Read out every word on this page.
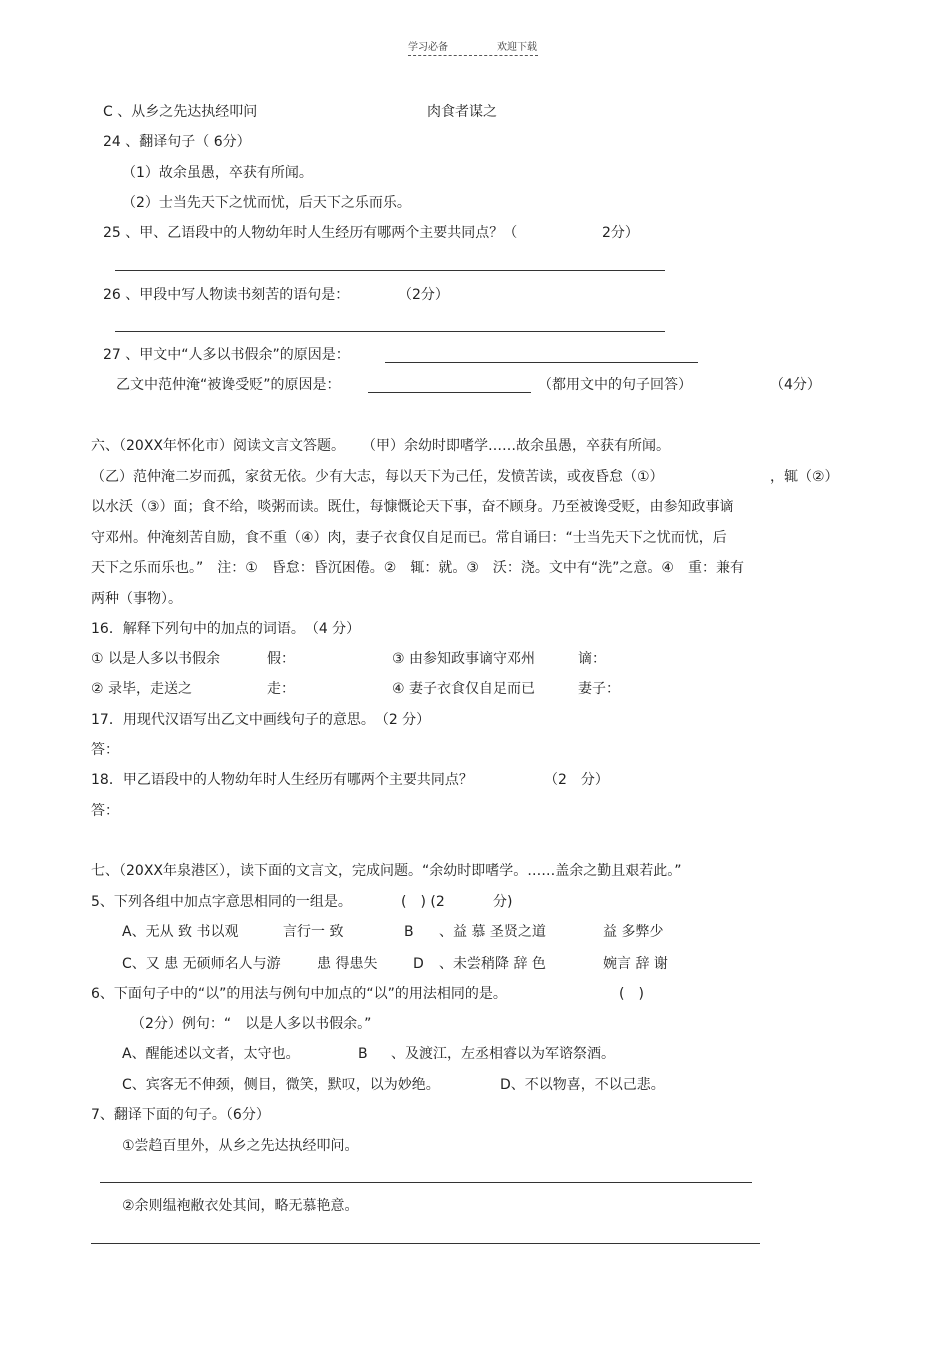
学习必备	欢迎下载
C 、从乡之先达执经叩问	肉食者谋之
24 、翻译句子（ 6分）
（1）故余虽愚，卒获有所闻。
（2）士当先天下之忧而忧，后天下之乐而乐。
25 、甲、乙语段中的人物幼年时人生经历有哪两个主要共同点？（	2分）
26 、甲段中写人物读书刻苦的语句是：	（2分）
27 、甲文中“人多以书假余”的原因是：
乙文中范仲淹“被谗受贬”的原因是：	（都用文中的句子回答）	（4分）
六、（20XX年怀化市）阅读文言文答题。 （甲）余幼时即嗜学……故余虽愚，卒获有所闻。
（乙）范仲淹二岁而孤，家贫无依。少有大志，每以天下为己任，发愤苦读，或夜昏怠（①）	，辄（②）
以水沃（③）面；食不给，啖粥而读。既仕，每慷慨论天下事，奋不顾身。乃至被谗受贬，由参知政事谪
守邓州。仲淹刻苦自励，食不重（④）肉，妻子衣食仅自足而已。常自诵曰：“士当先天下之忧而忧，后
天下之乐而乐也。”　注：①　昏怠：昏沉困倦。②　辄：就。③　沃：浇。文中有“洗”之意。④　重：兼有
两种（事物）。
16．解释下列句中的加点的词语。　（4 分）
① 以是人多以书假余	假：	③ 由参知政事谪守邓州	谪：
② 录毕，走送之	走：	④ 妻子衣食仅自足而已	妻子：
17．用现代汉语写出乙文中画线句子的意思。　（2 分）
答：
18．甲乙语段中的人物幼年时人生经历有哪两个主要共同点？	（2　分）
答：
七、（20XX年泉港区），读下面的文言文，完成问题。“余幼时即嗜学。……盖余之勤且艰若此。”
5、下列各组中加点字意思相同的一组是。	(　) (2	分)
A、无从 致 书以观	言行一 致	B 、益 慕 圣贤之道	益 多弊少
C、又 患 无硕师名人与游	患 得患失	D 、未尝稍降 辞 色	婉言 辞 谢
6、下面句子中的“以”的用法与例句中加点的“以”的用法相同的是。	(　)
（2分）例句：“　以是人多以书假余。”
A、醒能述以文者，太守也。	B 、及渡江，左丞相睿以为军谘祭酒。
C、宾客无不伸颈，侧目，微笑，默叹，以为妙绝。	D、不以物喜，不以己悲。
7、翻译下面的句子。（6分）
①尝趋百里外，从乡之先达执经叩问。
②余则缊袍敝衣处其间，略无慕艳意。
